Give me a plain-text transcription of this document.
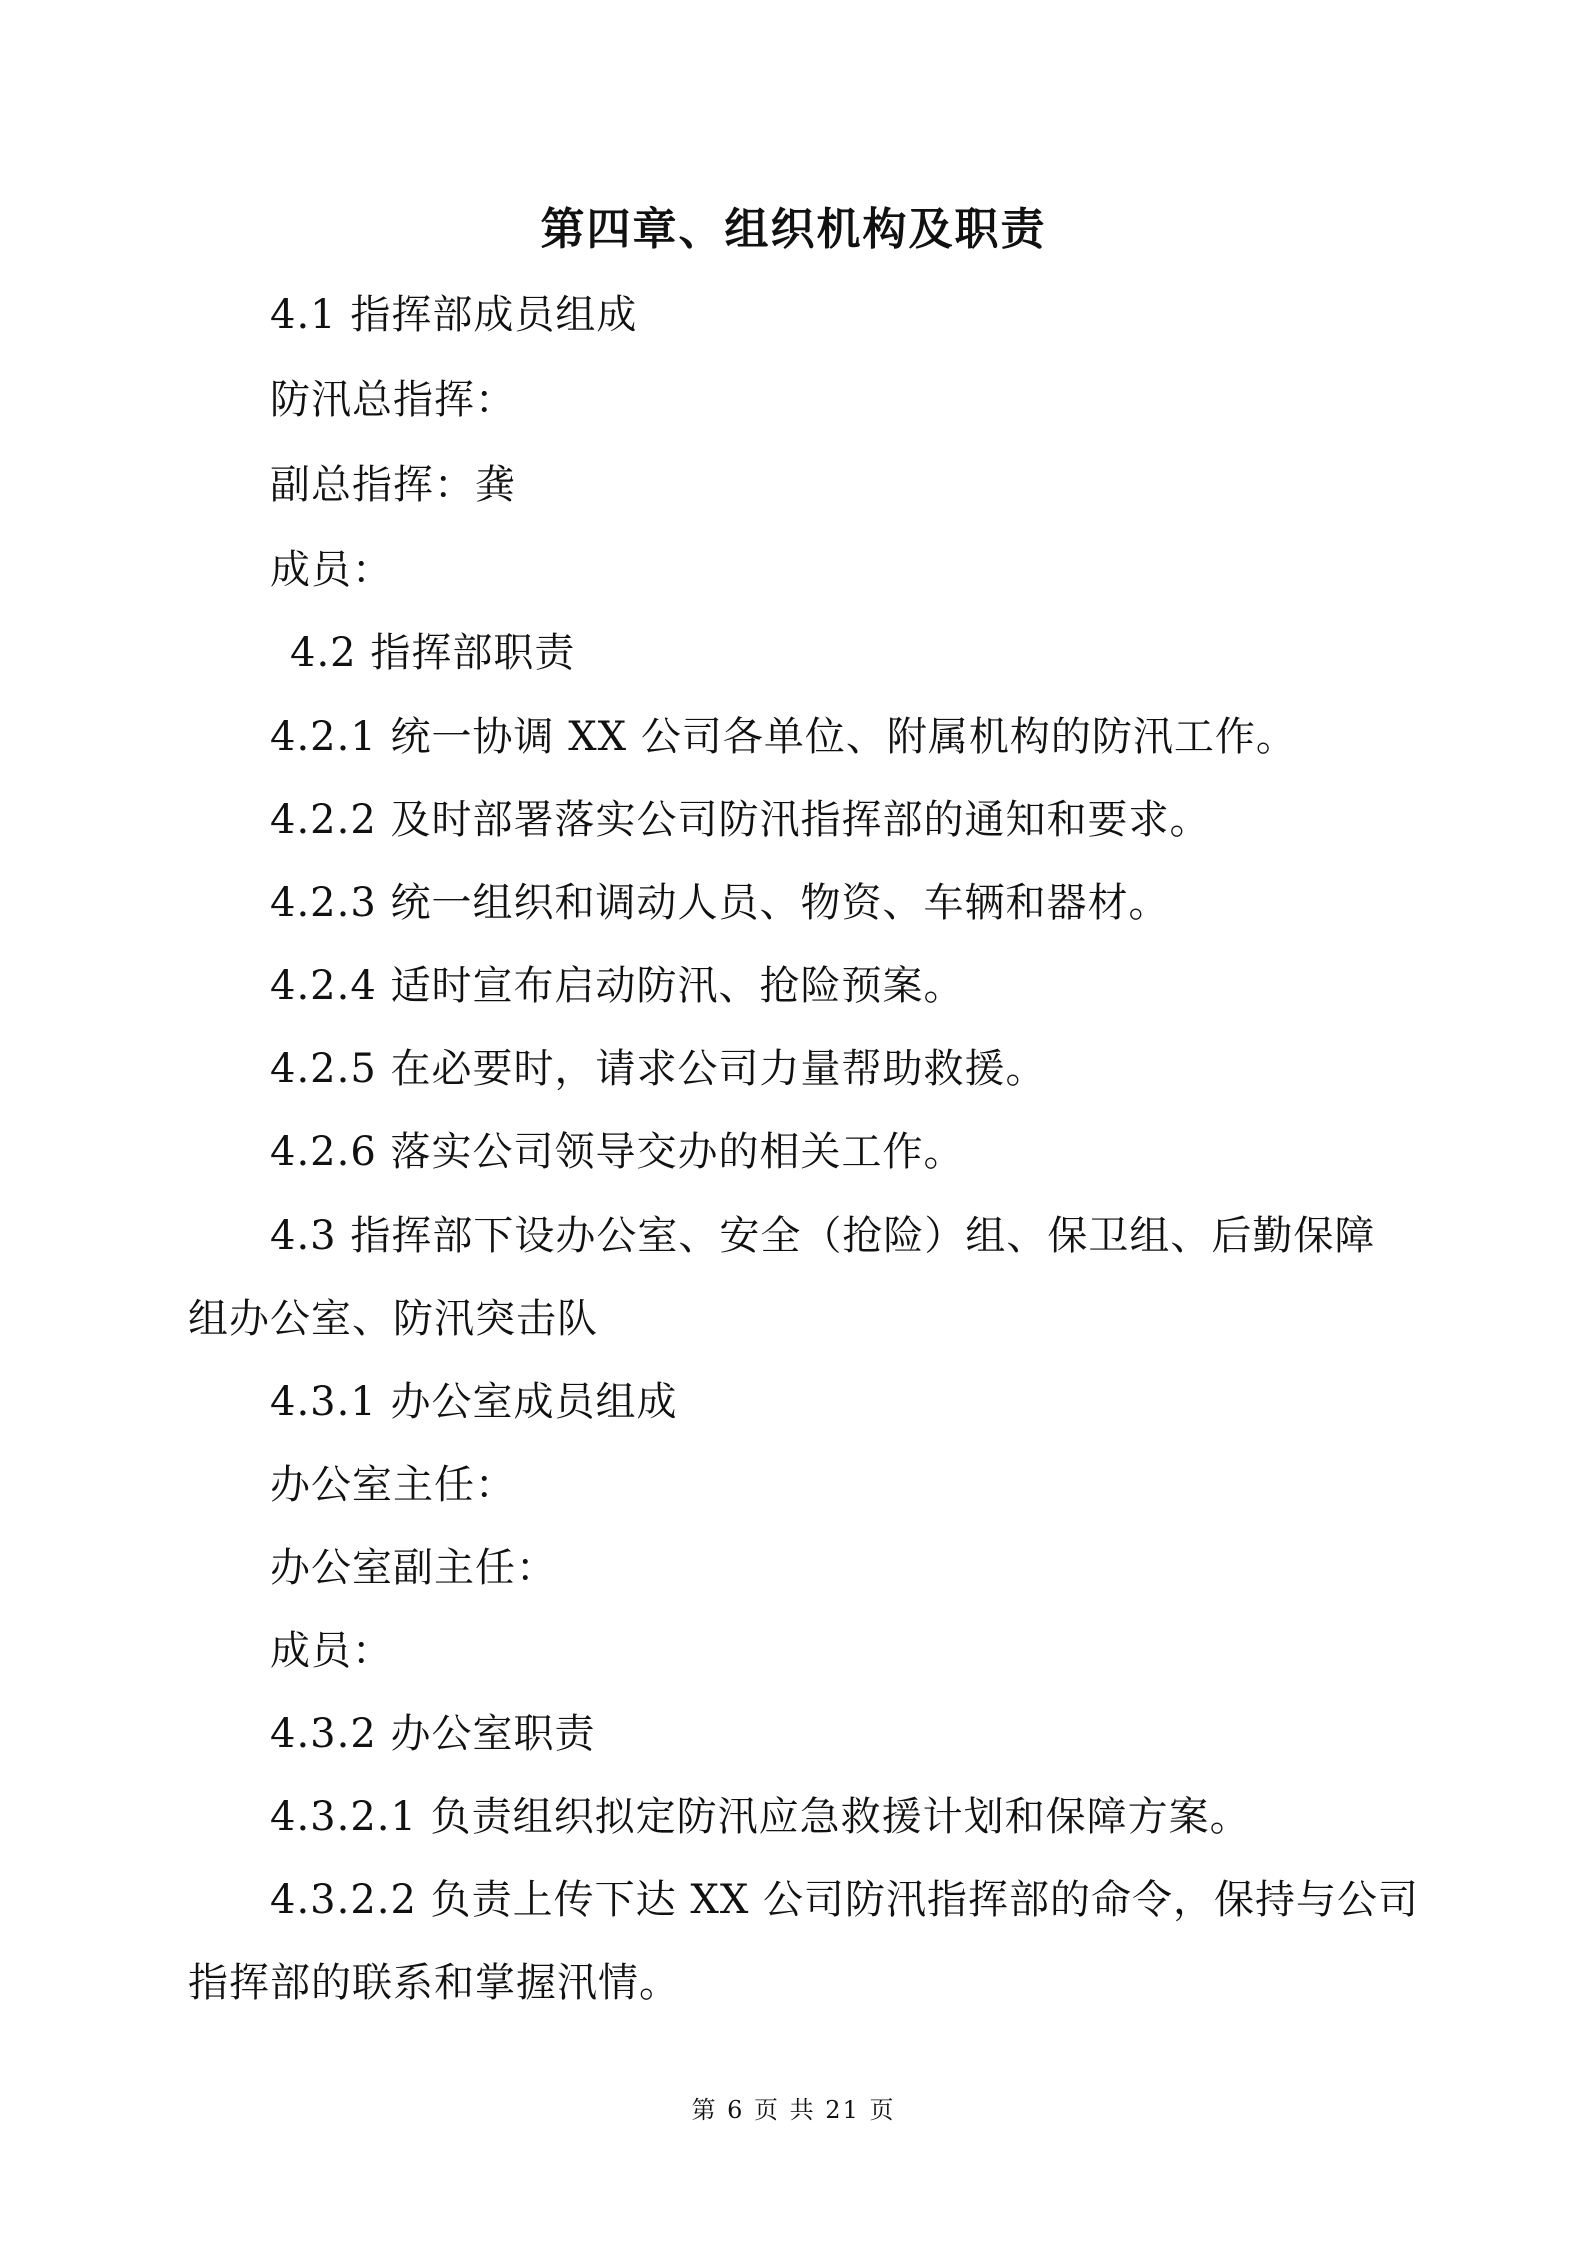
第四章、组织机构及职责
4.1 指挥部成员组成
防汛总指挥：
副总指挥：龚
成员：
4.2 指挥部职责
4.2.1 统一协调 XX 公司各单位、附属机构的防汛工作。
4.2.2 及时部署落实公司防汛指挥部的通知和要求。
4.2.3 统一组织和调动人员、物资、车辆和器材。
4.2.4 适时宣布启动防汛、抢险预案。
4.2.5 在必要时，请求公司力量帮助救援。
4.2.6 落实公司领导交办的相关工作。
4.3 指挥部下设办公室、安全（抢险）组、保卫组、后勤保障
组办公室、防汛突击队
4.3.1 办公室成员组成
办公室主任：
办公室副主任：
成员：
4.3.2 办公室职责
4.3.2.1 负责组织拟定防汛应急救援计划和保障方案。
4.3.2.2 负责上传下达 XX 公司防汛指挥部的命令，保持与公司
指挥部的联系和掌握汛情。
第 6 页 共 21 页
